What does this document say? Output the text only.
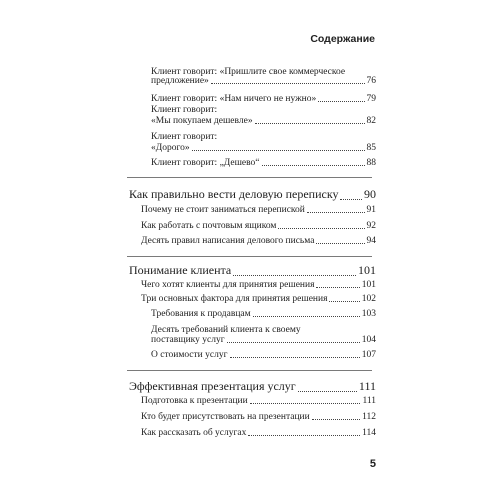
Содержание
Клиент говорит: «Пришлите свое коммерческое
предложение»	76
Клиент говорит: «Нам ничего не нужно»	79
Клиент говорит:
«Мы покупаем дешевле»	82
Клиент говорит:
«Дорого»	85
Клиент говорит: „Дешево“	88
Как правильно вести деловую переписку 90
Почему не стоит заниматься перепиской	91
Как работать с почтовым ящиком	92
Десять правил написания делового письма	94
Понимание клиента	101
Чего хотят клиенты для принятия решения	101
Три основных фактора для принятия решения	102
Требования к продавцам	103
Десять требований клиента к своему
поставщику услуг	104
О стоимости услуг	107
Эффективная презентация услуг	111
Подготовка к презентации	111
Кто будет присутствовать на презентации	112
Как рассказать об услугах	114
5
